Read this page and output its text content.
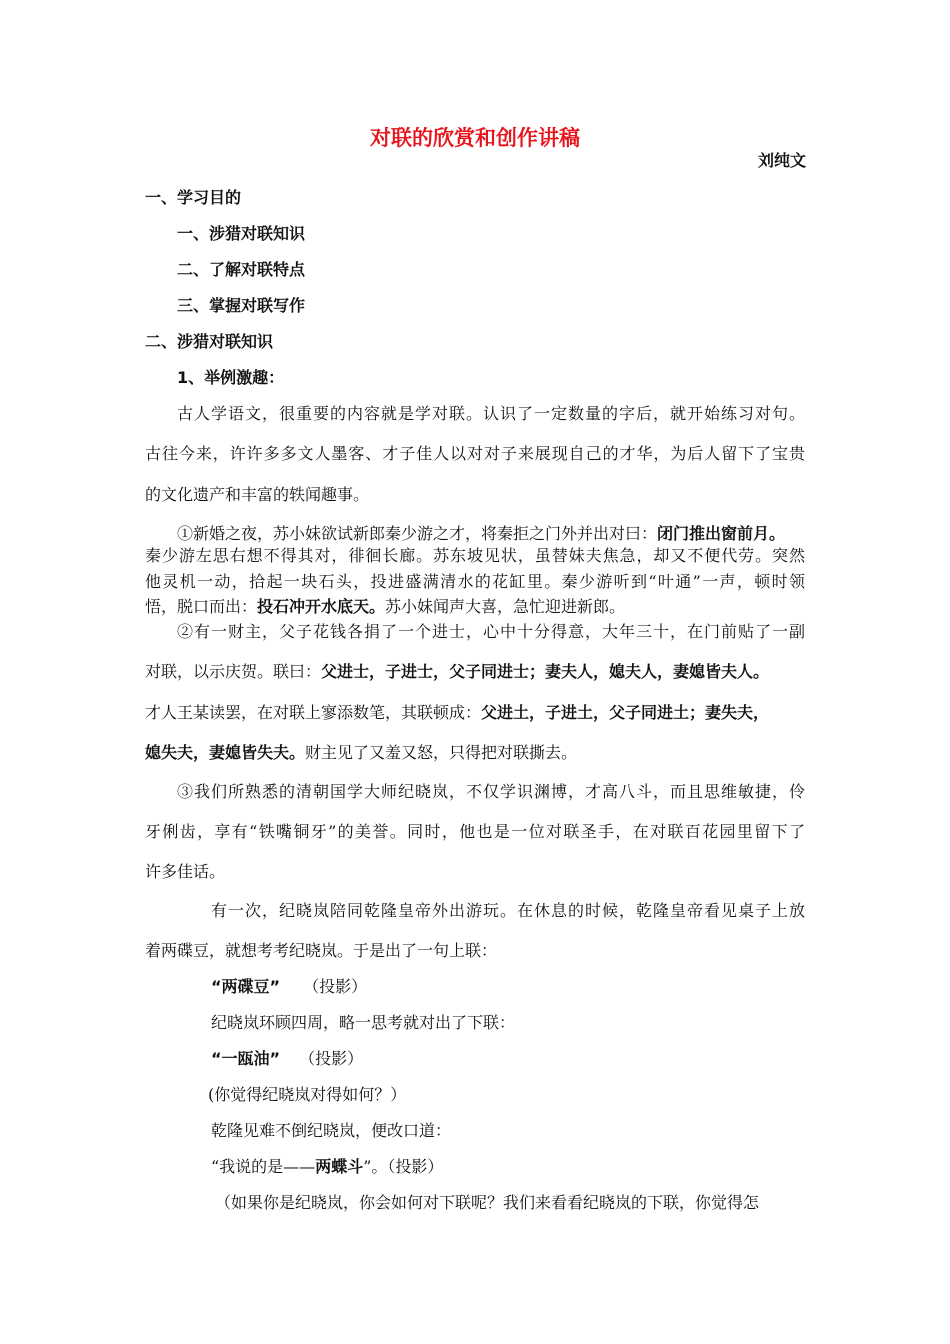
对联的欣赏和创作讲稿
刘纯文
一、学习目的
一、涉猎对联知识
二、了解对联特点
三、掌握对联写作
二、涉猎对联知识
1、举例激趣：
古人学语文，很重要的内容就是学对联。认识了一定数量的字后，就开始练习对句。
古往今来，许许多多文人墨客、才子佳人以对对子来展现自己的才华，为后人留下了宝贵
的文化遗产和丰富的轶闻趣事。
①新婚之夜，苏小妹欲试新郎秦少游之才，将秦拒之门外并出对曰：闭门推出窗前月。
秦少游左思右想不得其对，徘徊长廊。苏东坡见状，虽替妹夫焦急，却又不便代劳。突然
他灵机一动，拾起一块石头，投进盛满清水的花缸里。秦少游听到“叶通”一声，顿时领
悟，脱口而出：投石冲开水底天。苏小妹闻声大喜，急忙迎进新郎。
②有一财主，父子花钱各捐了一个进士，心中十分得意，大年三十，在门前贴了一副
对联，以示庆贺。联曰：父进士，子进士，父子同进士；妻夫人，媳夫人，妻媳皆夫人。
才人王某读罢，在对联上寥添数笔，其联顿成：父进土，子进土，父子同进土；妻失夫，
媳失夫，妻媳皆失夫。财主见了又羞又怒，只得把对联撕去。
③我们所熟悉的清朝国学大师纪晓岚，不仅学识渊博，才高八斗，而且思维敏捷，伶
牙俐齿，享有“铁嘴铜牙”的美誉。同时，他也是一位对联圣手，在对联百花园里留下了
许多佳话。
有一次，纪晓岚陪同乾隆皇帝外出游玩。在休息的时候，乾隆皇帝看见桌子上放
着两碟豆，就想考考纪晓岚。于是出了一句上联：
“两碟豆” （投影）
纪晓岚环顾四周，略一思考就对出了下联：
“一瓯油” （投影）
(你觉得纪晓岚对得如何？）
乾隆见难不倒纪晓岚，便改口道：
“我说的是——两蝶斗”。（投影）
（如果你是纪晓岚，你会如何对下联呢？我们来看看纪晓岚的下联，你觉得怎
